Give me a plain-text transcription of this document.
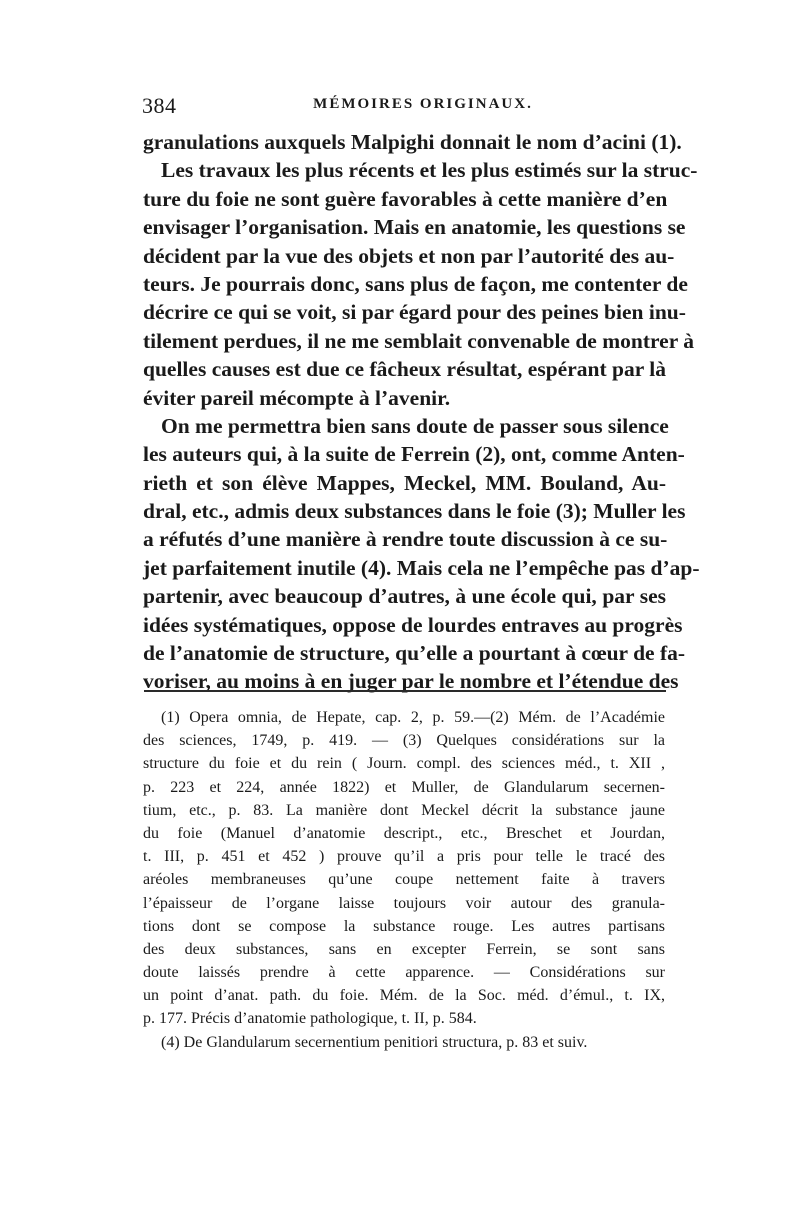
384	MÉMOIRES ORIGINAUX.
granulations auxquels Malpighi donnait le nom d’acini (1).
Les travaux les plus récents et les plus estimés sur la struc-
ture du foie ne sont guère favorables à cette manière d’en
envisager l’organisation. Mais en anatomie, les questions se
décident par la vue des objets et non par l’autorité des au-
teurs. Je pourrais donc, sans plus de façon, me contenter de
décrire ce qui se voit, si par égard pour des peines bien inu-
tilement perdues, il ne me semblait convenable de montrer à
quelles causes est due ce fâcheux résultat, espérant par là
éviter pareil mécompte à l’avenir.
On me permettra bien sans doute de passer sous silence
les auteurs qui, à la suite de Ferrein (2), ont, comme Anten-
rieth et son élève Mappes, Meckel, MM. Bouland, Au-
dral, etc., admis deux substances dans le foie (3); Muller les
a réfutés d’une manière à rendre toute discussion à ce su-
jet parfaitement inutile (4). Mais cela ne l’empêche pas d’ap-
partenir, avec beaucoup d’autres, à une école qui, par ses
idées systématiques, oppose de lourdes entraves au progrès
de l’anatomie de structure, qu’elle a pourtant à cœur de fa-
voriser, au moins à en juger par le nombre et l’étendue des
(1) Opera omnia, de Hepate, cap. 2, p. 59.—(2) Mém. de l’Académie
des sciences, 1749, p. 419. — (3) Quelques considérations sur la
structure du foie et du rein ( Journ. compl. des sciences méd., t. XII ,
p. 223 et 224, année 1822) et Muller, de Glandularum secernen-
tium, etc., p. 83. La manière dont Meckel décrit la substance jaune
du foie (Manuel d’anatomie descript., etc., Breschet et Jourdan,
t. III, p. 451 et 452 ) prouve qu’il a pris pour telle le tracé des
aréoles membraneuses qu’une coupe nettement faite à travers
l’épaisseur de l’organe laisse toujours voir autour des granula-
tions dont se compose la substance rouge. Les autres partisans
des deux substances, sans en excepter Ferrein, se sont sans
doute laissés prendre à cette apparence. — Considérations sur
un point d’anat. path. du foie. Mém. de la Soc. méd. d’émul., t. IX,
p. 177. Précis d’anatomie pathologique, t. II, p. 584.
(4) De Glandularum secernentium penitiori structura, p. 83 et suiv.
